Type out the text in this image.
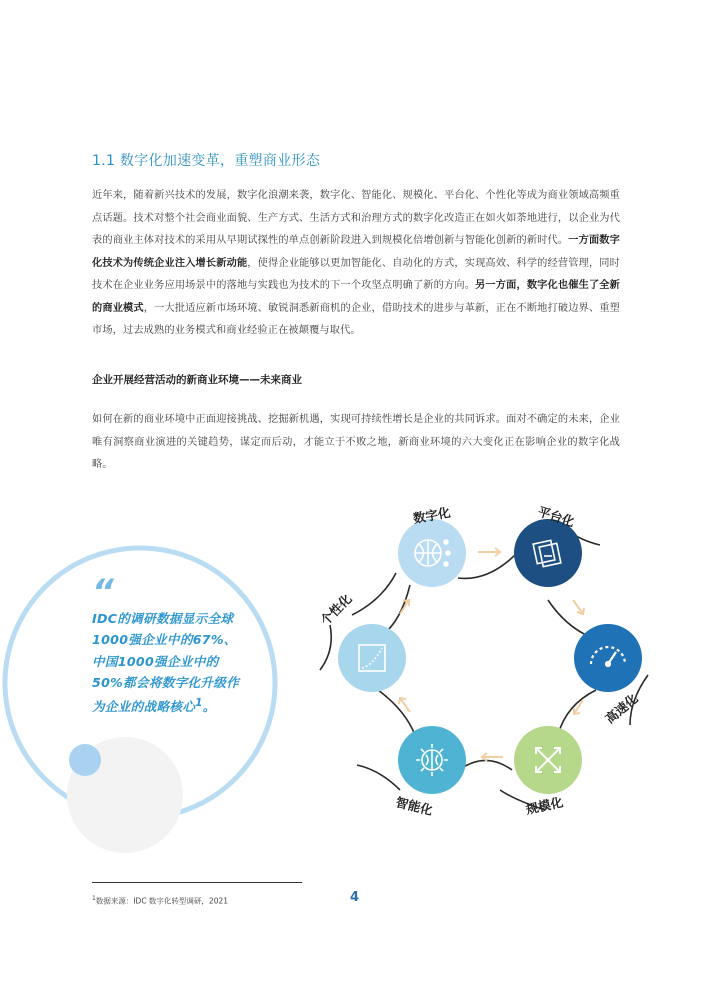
数字化	平台化
高速化
规模化
智能化
个性化
1.1 数字化加速变革，重塑商业形态
近年来，随着新兴技术的发展，数字化浪潮来袭，数字化、智能化、规模化、平台化、个性化等成为商业领域高频重点话题。技术对整个社会商业面貌、生产方式、生活方式和治理方式的数字化改造正在如火如荼地进行，以企业为代表的商业主体对技术的采用从早期试探性的单点创新阶段进入到规模化倍增创新与智能化创新的新时代。一方面数字化技术为传统企业注入增长新动能，使得企业能够以更加智能化、自动化的方式，实现高效、科学的经营管理，同时技术在企业业务应用场景中的落地与实践也为技术的下一个攻坚点明确了新的方向。另一方面，数字化也催生了全新的商业模式，一大批适应新市场环境、敏锐洞悉新商机的企业，借助技术的进步与革新，正在不断地打破边界、重塑市场，过去成熟的业务模式和商业经验正在被颠覆与取代。
企业开展经营活动的新商业环境——未来商业
如何在新的商业环境中正面迎接挑战、挖掘新机遇，实现可持续性增长是企业的共同诉求。面对不确定的未来，企业唯有洞察商业演进的关键趋势，谋定而后动，才能立于不败之地，新商业环境的六大变化正在影响企业的数字化战略。
“
IDC的调研数据显示全球1000强企业中的67%、中国1000强企业中的50%都会将数字化升级作为企业的战略核心$^1$。
$^1$数据来源：IDC 数字化转型调研，2021	4
